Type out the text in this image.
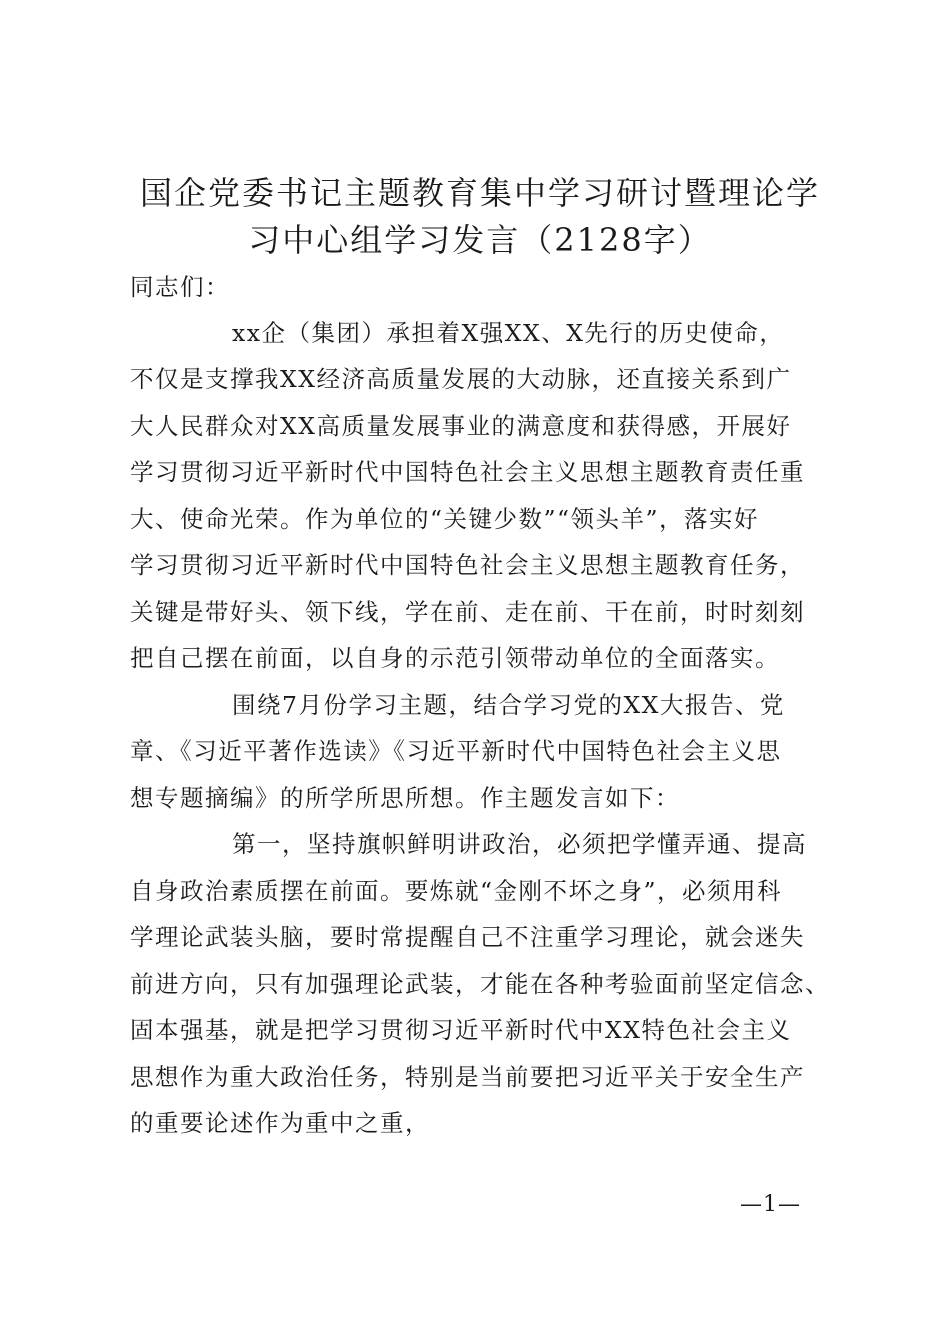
国企党委书记主题教育集中学习研讨暨理论学
习中心组学习发言（2128字）
同志们：
xx企（集团）承担着X强XX、X先行的历史使命，
不仅是支撑我XX经济高质量发展的大动脉，还直接关系到广
大人民群众对XX高质量发展事业的满意度和获得感，开展好
学习贯彻习近平新时代中国特色社会主义思想主题教育责任重
大、使命光荣。作为单位的“关键少数”“领头羊”，落实好
学习贯彻习近平新时代中国特色社会主义思想主题教育任务，
关键是带好头、领下线，学在前、走在前、干在前，时时刻刻
把自己摆在前面，以自身的示范引领带动单位的全面落实。
围绕7月份学习主题，结合学习党的XX大报告、党
章、《习近平著作选读》《习近平新时代中国特色社会主义思
想专题摘编》的所学所思所想。作主题发言如下：
第一，坚持旗帜鲜明讲政治，必须把学懂弄通、提高
自身政治素质摆在前面。要炼就“金刚不坏之身”，必须用科
学理论武装头脑，要时常提醒自己不注重学习理论，就会迷失
前进方向，只有加强理论武装，才能在各种考验面前坚定信念、
固本强基，就是把学习贯彻习近平新时代中XX特色社会主义
思想作为重大政治任务，特别是当前要把习近平关于安全生产
的重要论述作为重中之重，
—1—
